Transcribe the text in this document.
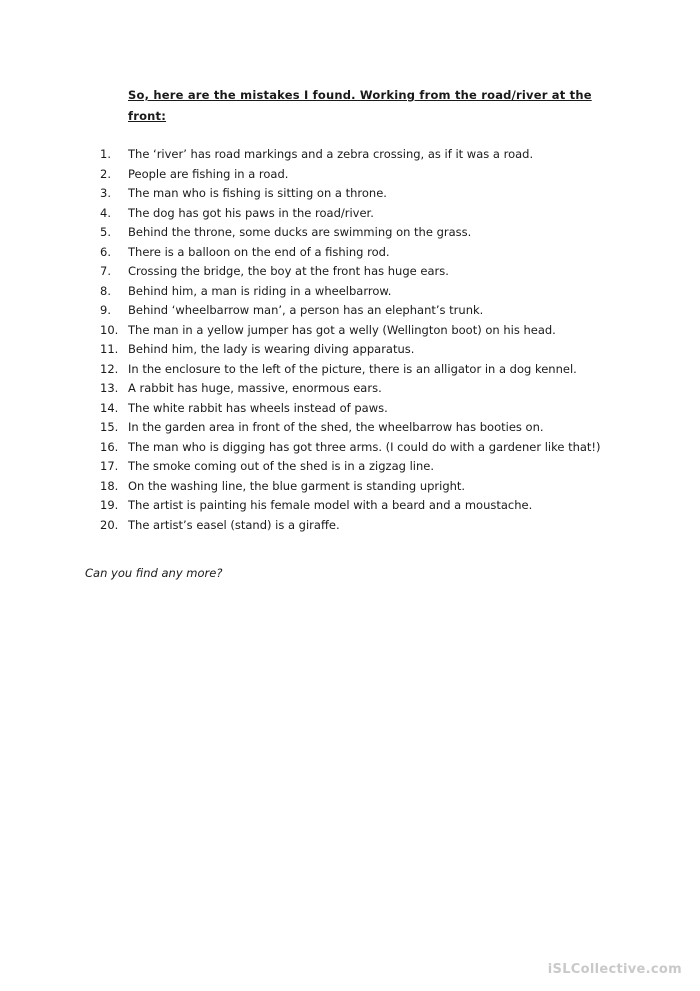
So, here are the mistakes I found. Working from the road/river at the front:
1.	The ‘river’ has road markings and a zebra crossing, as if it was a road.
2.	People are fishing in a road.
3.	The man who is fishing is sitting on a throne.
4.	The dog has got his paws in the road/river.
5.	Behind the throne, some ducks are swimming on the grass.
6.	There is a balloon on the end of a fishing rod.
7.	Crossing the bridge, the boy at the front has huge ears.
8.	Behind him, a man is riding in a wheelbarrow.
9.	Behind ‘wheelbarrow man’, a person has an elephant’s trunk.
10. The man in a yellow jumper has got a welly (Wellington boot) on his head.
11. Behind him, the lady is wearing diving apparatus.
12. In the enclosure to the left of the picture, there is an alligator in a dog kennel.
13. A rabbit has huge, massive, enormous ears.
14. The white rabbit has wheels instead of paws.
15. In the garden area in front of the shed, the wheelbarrow has booties on.
16. The man who is digging has got three arms. (I could do with a gardener like that!)
17. The smoke coming out of the shed is in a zigzag line.
18. On the washing line, the blue garment is standing upright.
19. The artist is painting his female model with a beard and a moustache.
20. The artist’s easel (stand) is a giraffe.
Can you find any more?
iSLCollective.com
